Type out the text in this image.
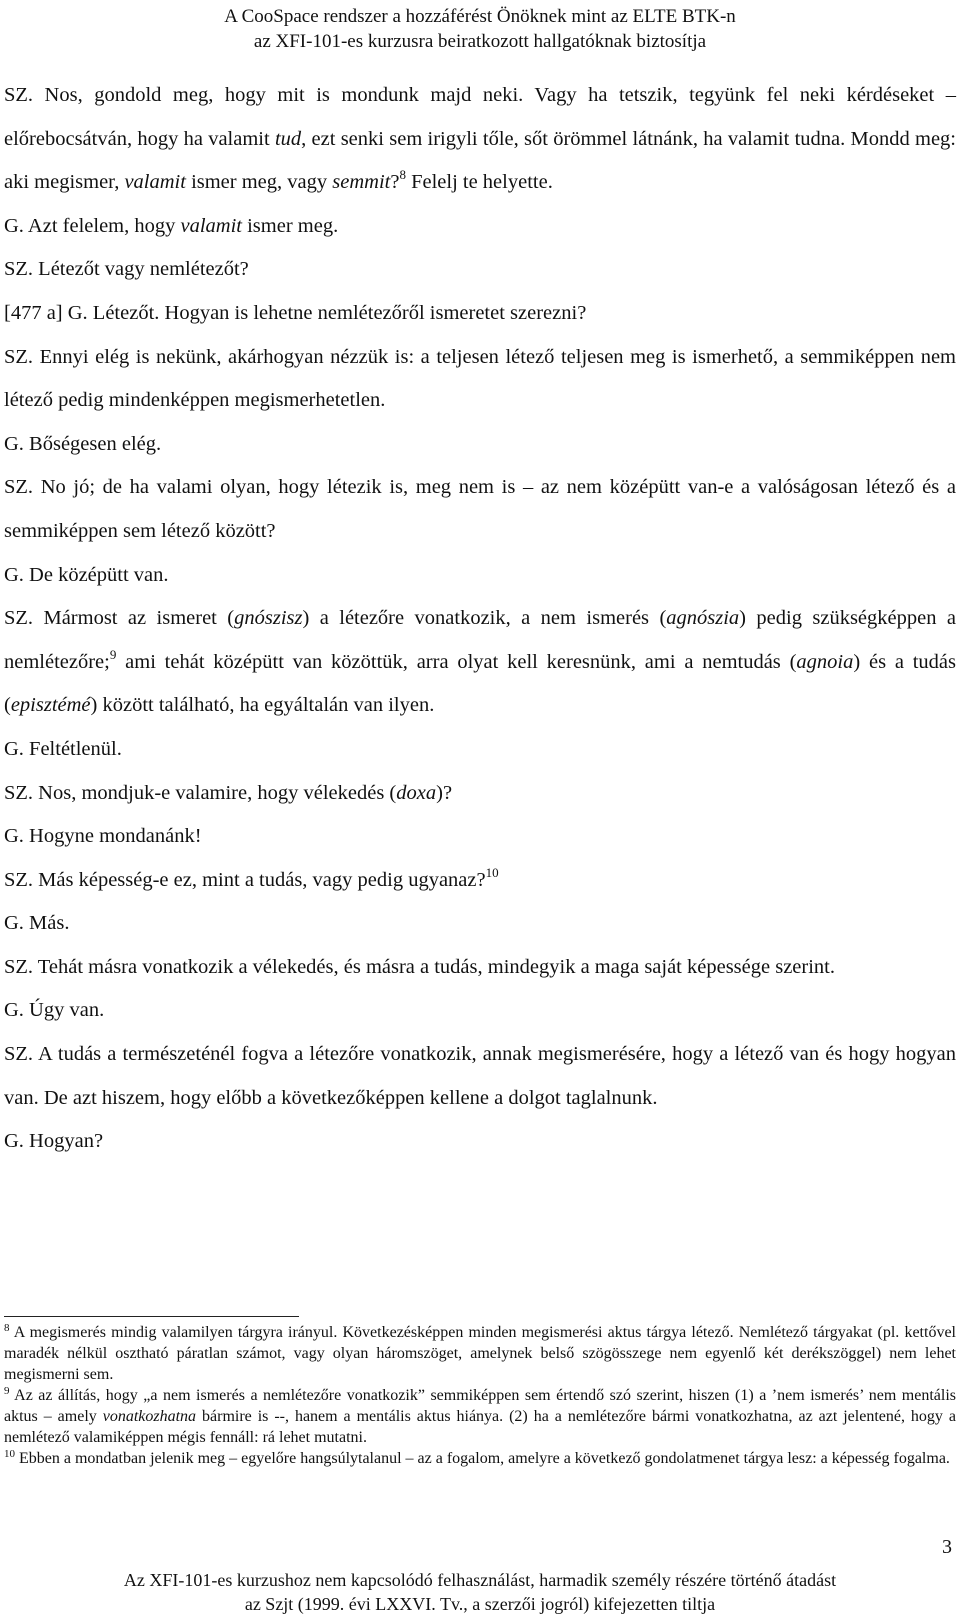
A CooSpace rendszer a hozzáférést Önöknek mint az ELTE BTK-n
az XFI-101-es kurzusra beiratkozott hallgatóknak biztosítja

SZ. Nos, gondold meg, hogy mit is mondunk majd neki. Vagy ha tetszik, tegyünk fel neki kérdéseket – előrebocsátván, hogy ha valamit tud, ezt senki sem irigyli tőle, sőt örömmel látnánk, ha valamit tudna. Mondd meg: aki megismer, valamit ismer meg, vagy semmit?$^8$ Felelj te helyette.

G. Azt felelem, hogy valamit ismer meg.

SZ. Létezőt vagy nemlétezőt?

[477 a] G. Létezőt. Hogyan is lehetne nemlétezőről ismeretet szerezni?

SZ. Ennyi elég is nekünk, akárhogyan nézzük is: a teljesen létező teljesen meg is ismerhető, a semmiképpen nem létező pedig mindenképpen megismerhetetlen.

G. Bőségesen elég.

SZ. No jó; de ha valami olyan, hogy létezik is, meg nem is – az nem középütt van-e a valóságosan létező és a semmiképpen sem létező között?

G. De középütt van.

SZ. Mármost az ismeret (gnószisz) a létezőre vonatkozik, a nem ismerés (agnószia) pedig szükségképpen a nemlétezőre;$^9$ ami tehát középütt van közöttük, arra olyat kell keresnünk, ami a nemtudás (agnoia) és a tudás (episztémé) között található, ha egyáltalán van ilyen.

G. Feltétlenül.

SZ. Nos, mondjuk-e valamire, hogy vélekedés (doxa)?

G. Hogyne mondanánk!

SZ. Más képesség-e ez, mint a tudás, vagy pedig ugyanaz?$^{10}$

G. Más.

SZ. Tehát másra vonatkozik a vélekedés, és másra a tudás, mindegyik a maga saját képessége szerint.

G. Úgy van.

SZ. A tudás a természeténél fogva a létezőre vonatkozik, annak megismerésére, hogy a létező van és hogy hogyan van. De azt hiszem, hogy előbb a következőképpen kellene a dolgot taglalnunk.

G. Hogyan?

$^8$ A megismerés mindig valamilyen tárgyra irányul. Következésképpen minden megismerési aktus tárgya létező. Nemlétező tárgyakat (pl. kettővel maradék nélkül osztható páratlan számot, vagy olyan háromszöget, amelynek belső szögösszege nem egyenlő két derékszöggel) nem lehet megismerni sem.

$^9$ Az az állítás, hogy „a nem ismerés a nemlétezőre vonatkozik” semmiképpen sem értendő szó szerint, hiszen (1) a ’nem ismerés’ nem mentális aktus – amely vonatkozhatna bármire is --, hanem a mentális aktus hiánya. (2) ha a nemlétezőre bármi vonatkozhatna, az azt jelentené, hogy a nemlétező valamiképpen mégis fennáll: rá lehet mutatni.

$^{10}$ Ebben a mondatban jelenik meg – egyelőre hangsúlytalanul – az a fogalom, amelyre a következő gondolatmenet tárgya lesz: a képesség fogalma.

3
Az XFI-101-es kurzushoz nem kapcsolódó felhasználást, harmadik személy részére történő átadást
az Szjt (1999. évi LXXVI. Tv., a szerzői jogról) kifejezetten tiltja
